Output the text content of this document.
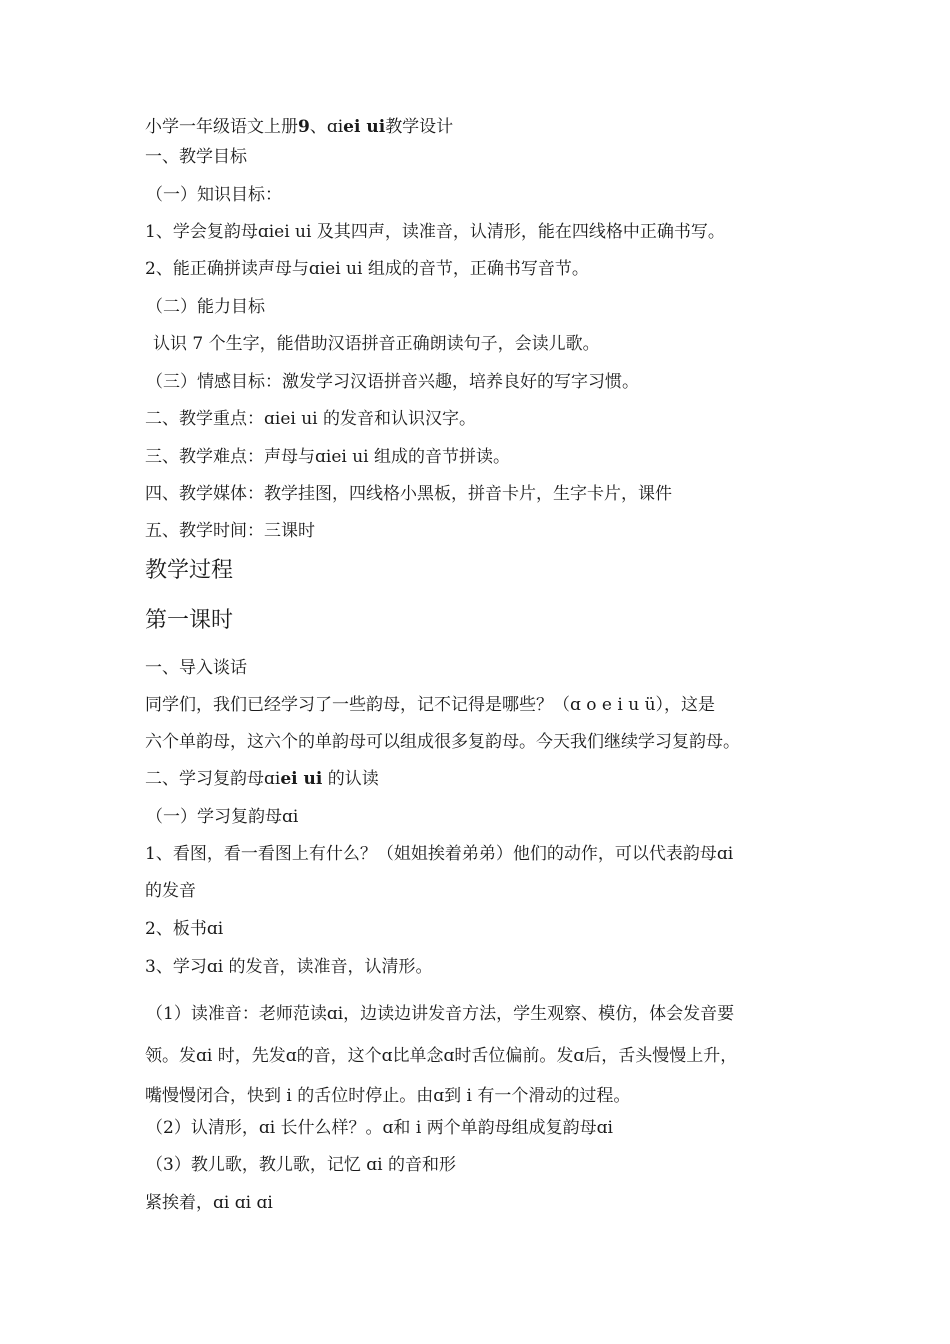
小学一年级语文上册9、ɑiei ui教学设计
一、教学目标
（一）知识目标：
1、学会复韵母ɑiei ui 及其四声，读准音，认清形，能在四线格中正确书写。
2、能正确拼读声母与ɑiei ui 组成的音节，正确书写音节。
（二）能力目标
认识 7 个生字，能借助汉语拼音正确朗读句子，会读儿歌。
（三）情感目标：激发学习汉语拼音兴趣，培养良好的写字习惯。
二、教学重点：ɑiei ui 的发音和认识汉字。
三、教学难点：声母与ɑiei ui 组成的音节拼读。
四、教学媒体：教学挂图，四线格小黑板，拼音卡片，生字卡片，课件
五、教学时间：三课时
教学过程
第一课时
一、导入谈话
同学们，我们已经学习了一些韵母，记不记得是哪些？（ɑ o e i u ü），这是
六个单韵母，这六个的单韵母可以组成很多复韵母。今天我们继续学习复韵母。
二、学习复韵母ɑiei ui 的认读
（一）学习复韵母ɑi
1、看图，看一看图上有什么？（姐姐挨着弟弟）他们的动作，可以代表韵母ɑi
的发音
2、板书ɑi
3、学习ɑi 的发音，读准音，认清形。
（1）读准音：老师范读ɑi，边读边讲发音方法，学生观察、模仿，体会发音要
领。发ɑi 时，先发ɑ的音，这个ɑ比单念ɑ时舌位偏前。发ɑ后，舌头慢慢上升，
嘴慢慢闭合，快到 i 的舌位时停止。由ɑ到 i 有一个滑动的过程。
（2）认清形，ɑi 长什么样？。ɑ和 i 两个单韵母组成复韵母ɑi
（3）教儿歌，教儿歌，记忆 ɑi 的音和形
紧挨着，ɑi ɑi ɑi
